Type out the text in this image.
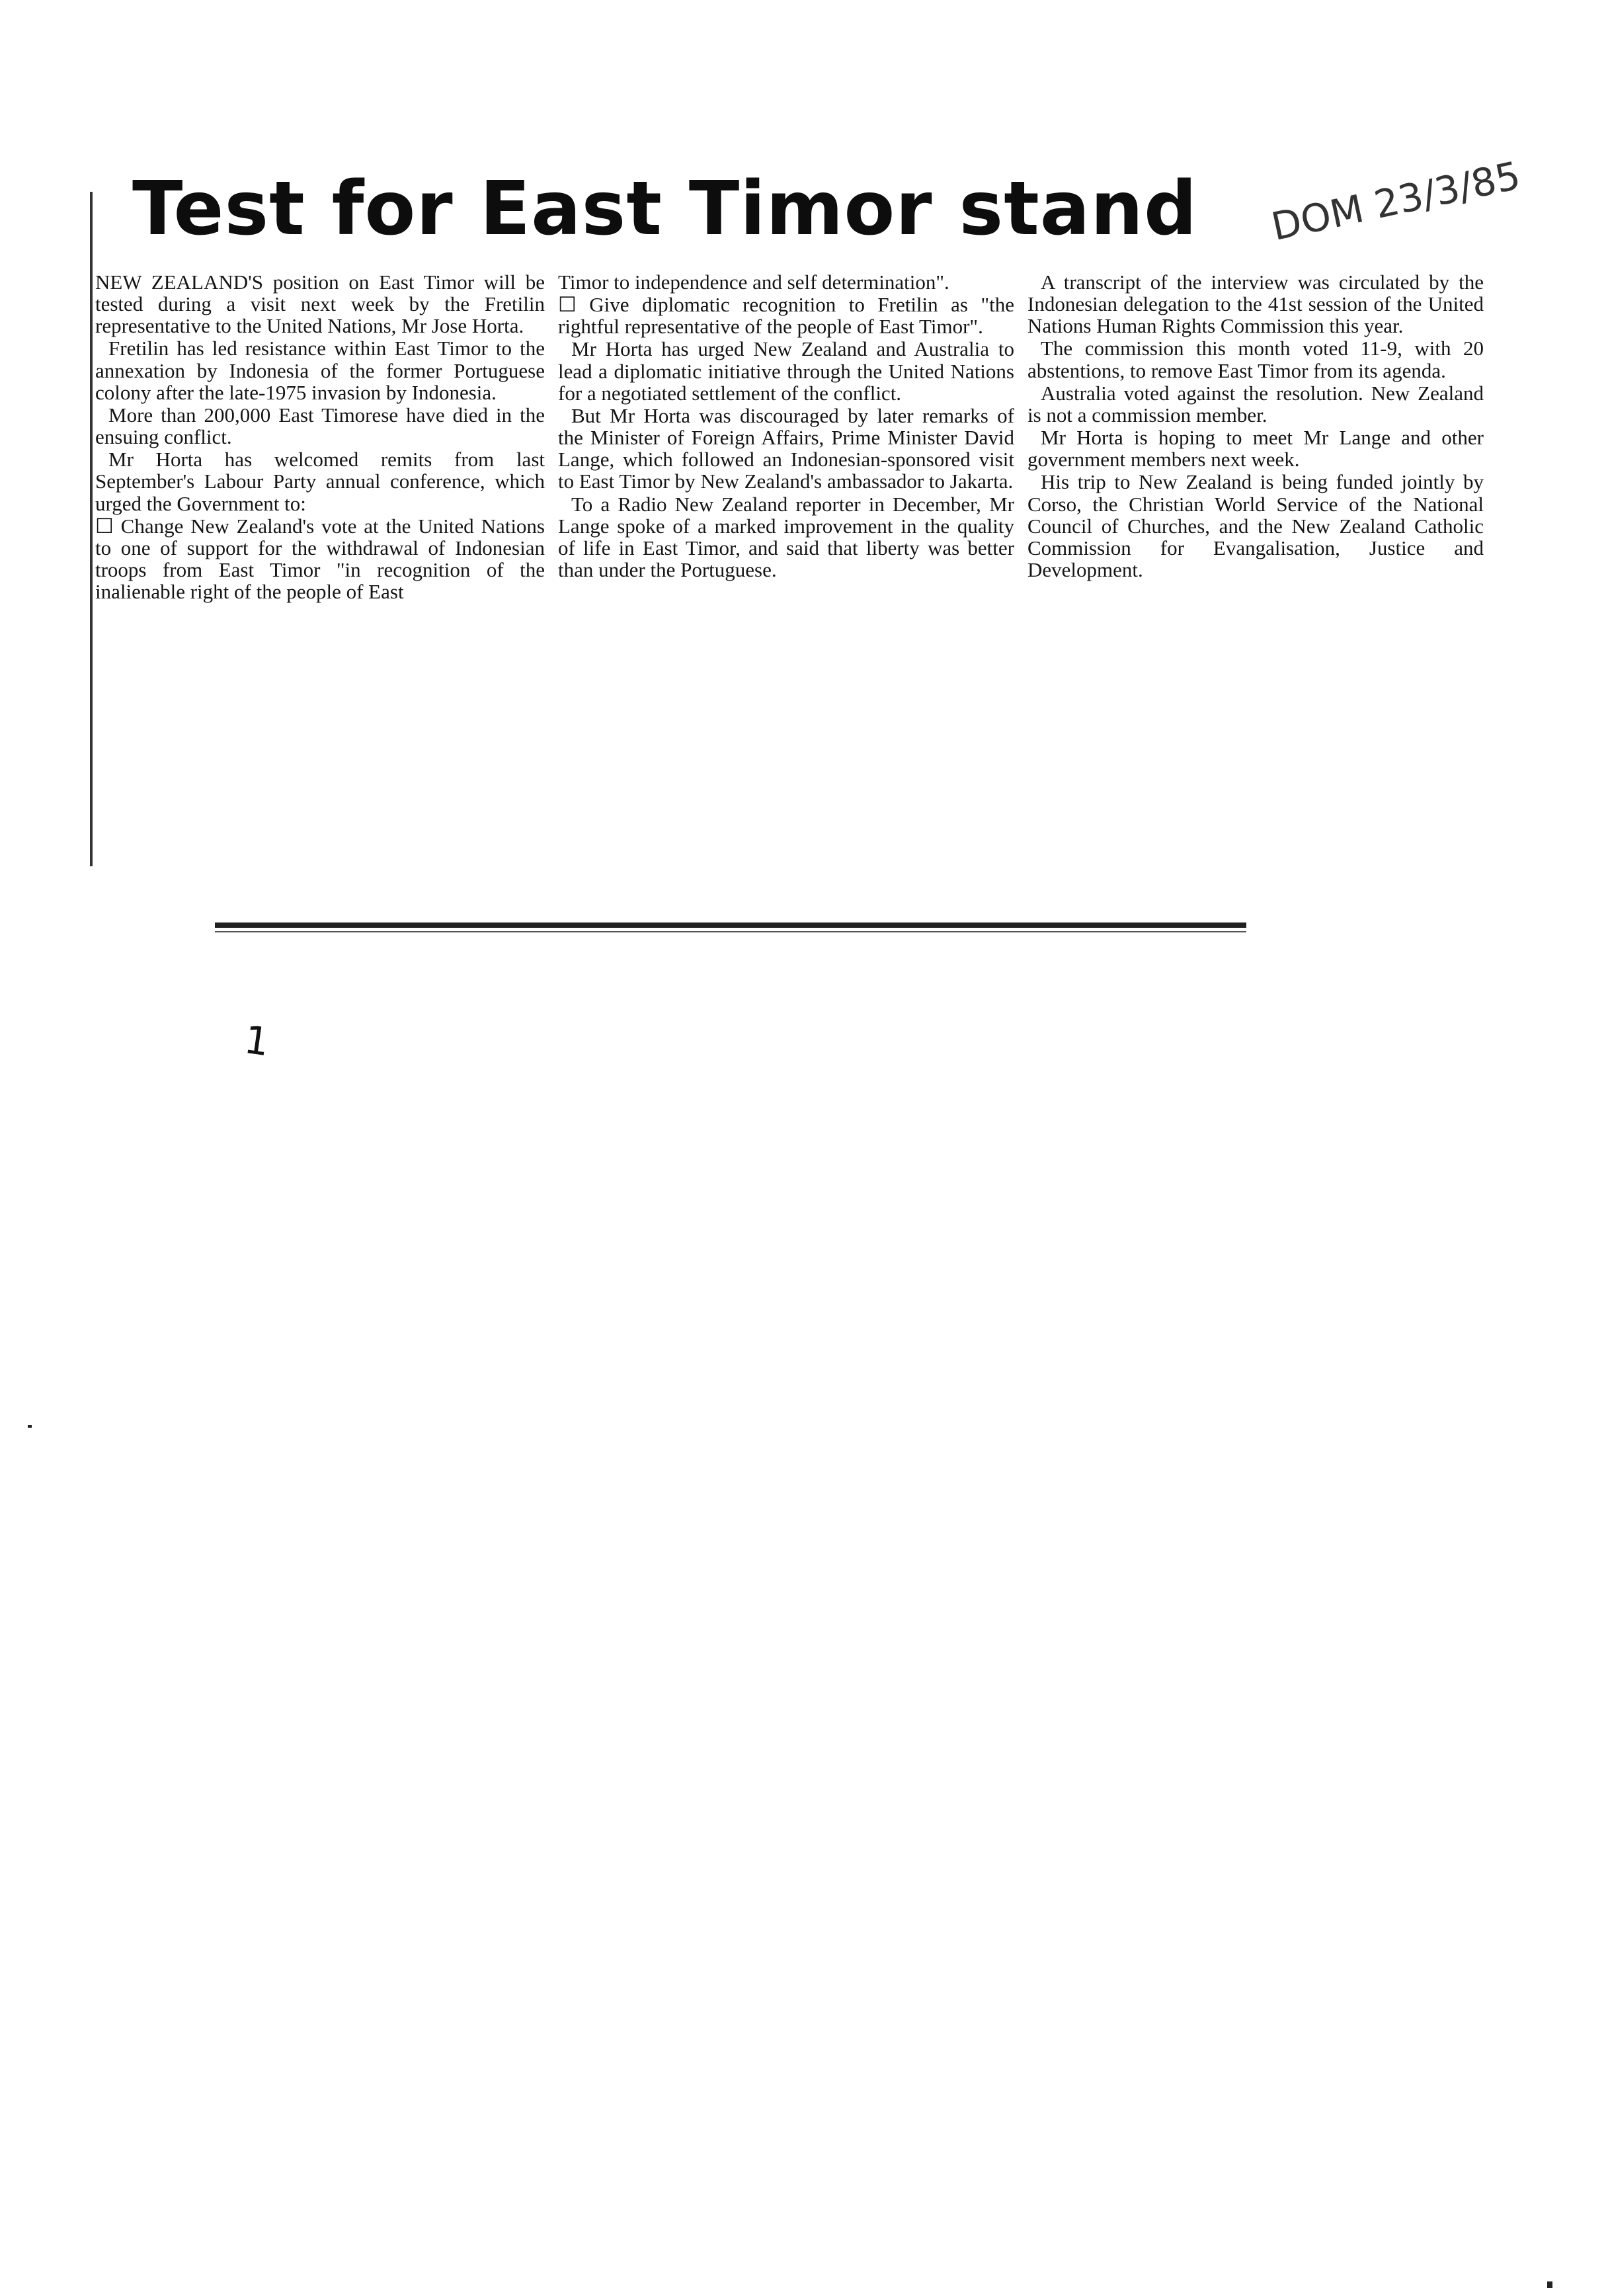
Test for East Timor stand DOM 23/3/85

NEW ZEALAND'S position on East Timor will be tested during a visit next week by the Fretilin representative to the United Nations, Mr Jose Horta.

Fretilin has led resistance within East Timor to the annexation by Indonesia of the former Portuguese colony after the late-1975 invasion by Indonesia.

More than 200,000 East Timorese have died in the ensuing conflict.

Mr Horta has welcomed remits from last September's Labour Party annual conference, which urged the Government to:

☐ Change New Zealand's vote at the United Nations to one of support for the withdrawal of Indonesian troops from East Timor "in recognition of the inalienable right of the people of East

Timor to independence and self determination".

☐ Give diplomatic recognition to Fretilin as "the rightful representative of the people of East Timor".

Mr Horta has urged New Zealand and Australia to lead a diplomatic initiative through the United Nations for a negotiated settlement of the conflict.

But Mr Horta was discouraged by later remarks of the Minister of Foreign Affairs, Prime Minister David Lange, which followed an Indonesian-sponsored visit to East Timor by New Zealand's ambassador to Jakarta.

To a Radio New Zealand reporter in December, Mr Lange spoke of a marked improvement in the quality of life in East Timor, and said that liberty was better than under the Portuguese.

A transcript of the interview was circulated by the Indonesian delegation to the 41st session of the United Nations Human Rights Commission this year.

The commission this month voted 11-9, with 20 abstentions, to remove East Timor from its agenda.

Australia voted against the resolution. New Zealand is not a commission member.

Mr Horta is hoping to meet Mr Lange and other government members next week.

His trip to New Zealand is being funded jointly by Corso, the Christian World Service of the National Council of Churches, and the New Zealand Catholic Commission for Evangalisation, Justice and Development.

1
